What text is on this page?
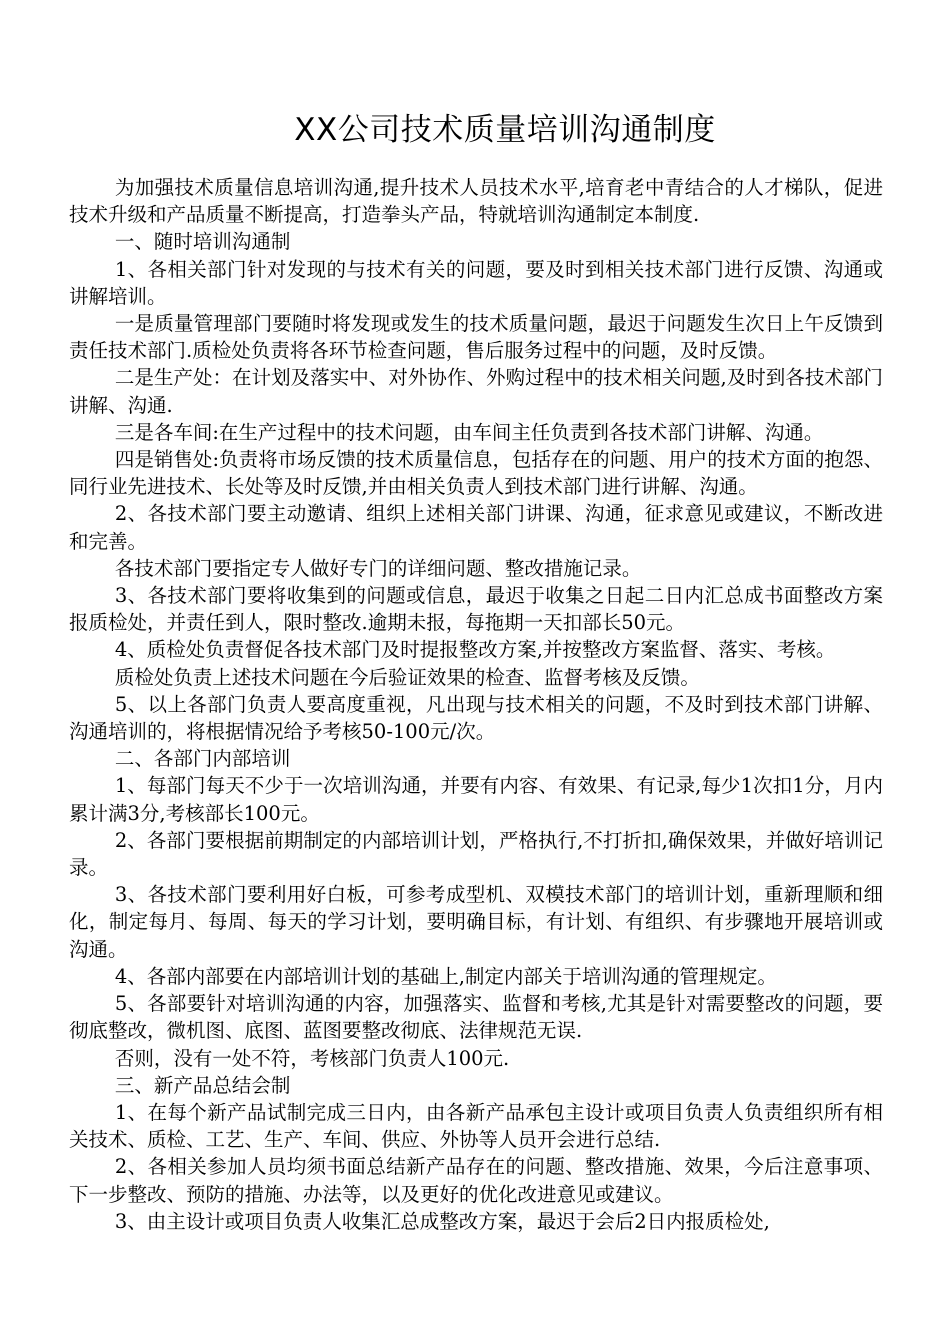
XX公司技术质量培训沟通制度

为加强技术质量信息培训沟通,提升技术人员技术水平,培育老中青结合的人才梯队，促进技术升级和产品质量不断提高，打造拳头产品，特就培训沟通制定本制度.

一、随时培训沟通制

1、各相关部门针对发现的与技术有关的问题，要及时到相关技术部门进行反馈、沟通或讲解培训。

一是质量管理部门要随时将发现或发生的技术质量问题，最迟于问题发生次日上午反馈到责任技术部门.质检处负责将各环节检查问题，售后服务过程中的问题，及时反馈。

二是生产处：在计划及落实中、对外协作、外购过程中的技术相关问题,及时到各技术部门讲解、沟通.

三是各车间:在生产过程中的技术问题，由车间主任负责到各技术部门讲解、沟通。

四是销售处:负责将市场反馈的技术质量信息，包括存在的问题、用户的技术方面的抱怨、同行业先进技术、长处等及时反馈,并由相关负责人到技术部门进行讲解、沟通。

2、各技术部门要主动邀请、组织上述相关部门讲课、沟通，征求意见或建议，不断改进和完善。

各技术部门要指定专人做好专门的详细问题、整改措施记录。

3、各技术部门要将收集到的问题或信息，最迟于收集之日起二日内汇总成书面整改方案报质检处，并责任到人，限时整改.逾期未报，每拖期一天扣部长50元。

4、质检处负责督促各技术部门及时提报整改方案,并按整改方案监督、落实、考核。

质检处负责上述技术问题在今后验证效果的检查、监督考核及反馈。

5、以上各部门负责人要高度重视，凡出现与技术相关的问题，不及时到技术部门讲解、沟通培训的，将根据情况给予考核50-100元/次。

二、各部门内部培训

1、每部门每天不少于一次培训沟通，并要有内容、有效果、有记录,每少1次扣1分，月内累计满3分,考核部长100元。

2、各部门要根据前期制定的内部培训计划，严格执行,不打折扣,确保效果，并做好培训记录。

3、各技术部门要利用好白板，可参考成型机、双模技术部门的培训计划，重新理顺和细化，制定每月、每周、每天的学习计划，要明确目标，有计划、有组织、有步骤地开展培训或沟通。

4、各部内部要在内部培训计划的基础上,制定内部关于培训沟通的管理规定。

5、各部要针对培训沟通的内容，加强落实、监督和考核,尤其是针对需要整改的问题，要彻底整改，微机图、底图、蓝图要整改彻底、法律规范无误.

否则，没有一处不符，考核部门负责人100元.

三、新产品总结会制

1、在每个新产品试制完成三日内，由各新产品承包主设计或项目负责人负责组织所有相关技术、质检、工艺、生产、车间、供应、外协等人员开会进行总结.

2、各相关参加人员均须书面总结新产品存在的问题、整改措施、效果，今后注意事项、下一步整改、预防的措施、办法等，以及更好的优化改进意见或建议。

3、由主设计或项目负责人收集汇总成整改方案，最迟于会后2日内报质检处,
